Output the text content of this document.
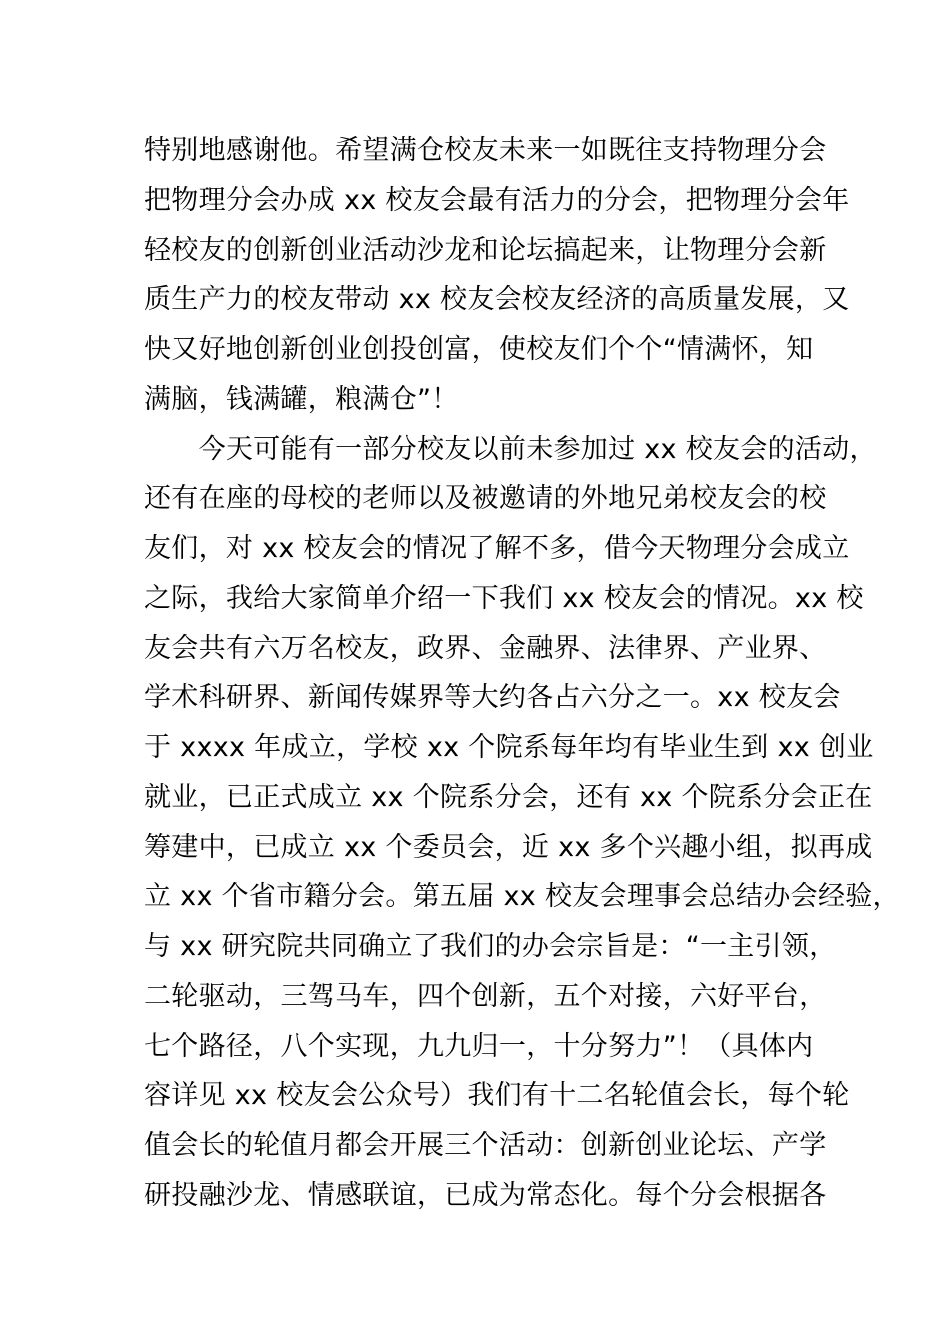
特别地感谢他。希望满仓校友未来一如既往支持物理分会
把物理分会办成 xx 校友会最有活力的分会，把物理分会年
轻校友的创新创业活动沙龙和论坛搞起来，让物理分会新
质生产力的校友带动 xx 校友会校友经济的高质量发展，又
快又好地创新创业创投创富，使校友们个个“情满怀，知
满脑，钱满罐，粮满仓”！
　　今天可能有一部分校友以前未参加过 xx 校友会的活动，
还有在座的母校的老师以及被邀请的外地兄弟校友会的校
友们，对 xx 校友会的情况了解不多，借今天物理分会成立
之际，我给大家简单介绍一下我们 xx 校友会的情况。xx 校
友会共有六万名校友，政界、金融界、法律界、产业界、
学术科研界、新闻传媒界等大约各占六分之一。xx 校友会
于 xxxx 年成立，学校 xx 个院系每年均有毕业生到 xx 创业
就业，已正式成立 xx 个院系分会，还有 xx 个院系分会正在
筹建中，已成立 xx 个委员会，近 xx 多个兴趣小组，拟再成
立 xx 个省市籍分会。第五届 xx 校友会理事会总结办会经验，
与 xx 研究院共同确立了我们的办会宗旨是：“一主引领，
二轮驱动，三驾马车，四个创新，五个对接，六好平台，
七个路径，八个实现，九九归一，十分努力”！（具体内
容详见 xx 校友会公众号）我们有十二名轮值会长，每个轮
值会长的轮值月都会开展三个活动：创新创业论坛、产学
研投融沙龙、情感联谊，已成为常态化。每个分会根据各
